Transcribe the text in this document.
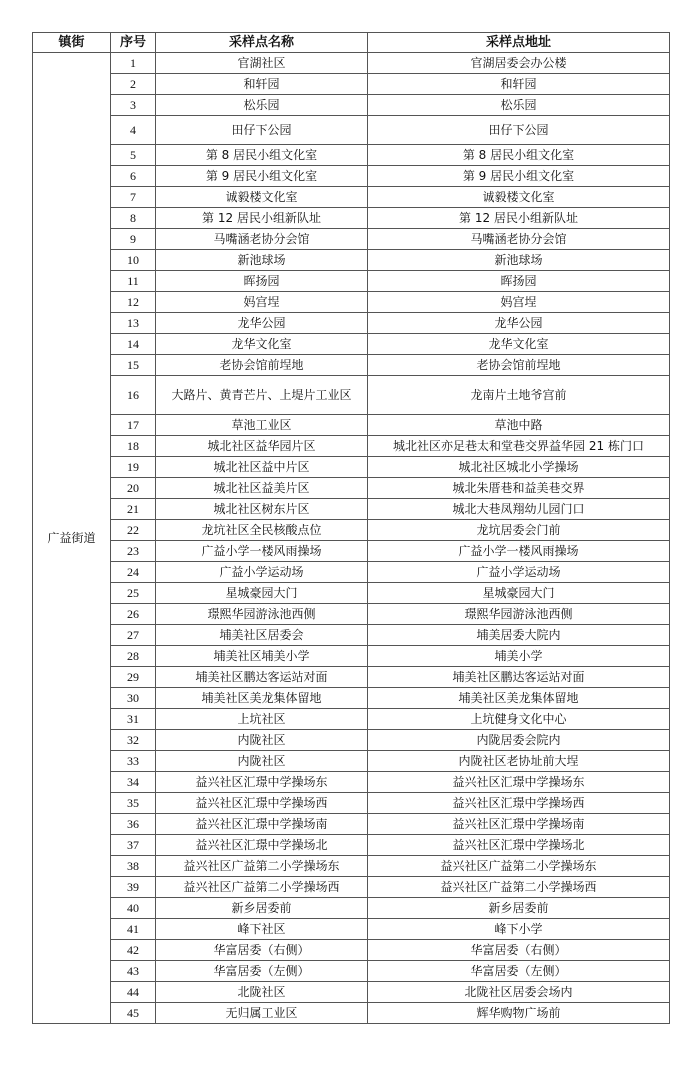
镇街	序号	采样点名称	采样点地址
广益街道	1	官湖社区	官湖居委会办公楼
	2	和轩园	和轩园
	3	松乐园	松乐园
	4	田仔下公园	田仔下公园
	5	第 8 居民小组文化室	第 8 居民小组文化室
	6	第 9 居民小组文化室	第 9 居民小组文化室
	7	诚毅楼文化室	诚毅楼文化室
	8	第 12 居民小组新队址	第 12 居民小组新队址
	9	马嘴涵老协分会馆	马嘴涵老协分会馆
	10	新池球场	新池球场
	11	晖扬园	晖扬园
	12	妈宫埕	妈宫埕
	13	龙华公园	龙华公园
	14	龙华文化室	龙华文化室
	15	老协会馆前埕地	老协会馆前埕地
	16	大路片、黄青芒片、上堤片工业区	龙南片土地爷宫前
	17	草池工业区	草池中路
	18	城北社区益华园片区	城北社区亦足巷太和堂巷交界益华园 21 栋门口
	19	城北社区益中片区	城北社区城北小学操场
	20	城北社区益美片区	城北朱厝巷和益美巷交界
	21	城北社区树东片区	城北大巷凤翔幼儿园门口
	22	龙坑社区全民核酸点位	龙坑居委会门前
	23	广益小学一楼风雨操场	广益小学一楼风雨操场
	24	广益小学运动场	广益小学运动场
	25	星城豪园大门	星城豪园大门
	26	璟熙华园游泳池西侧	璟熙华园游泳池西侧
	27	埔美社区居委会	埔美居委大院内
	28	埔美社区埔美小学	埔美小学
	29	埔美社区鹏达客运站对面	埔美社区鹏达客运站对面
	30	埔美社区美龙集体留地	埔美社区美龙集体留地
	31	上坑社区	上坑健身文化中心
	32	内陇社区	内陇居委会院内
	33	内陇社区	内陇社区老协址前大埕
	34	益兴社区汇璟中学操场东	益兴社区汇璟中学操场东
	35	益兴社区汇璟中学操场西	益兴社区汇璟中学操场西
	36	益兴社区汇璟中学操场南	益兴社区汇璟中学操场南
	37	益兴社区汇璟中学操场北	益兴社区汇璟中学操场北
	38	益兴社区广益第二小学操场东	益兴社区广益第二小学操场东
	39	益兴社区广益第二小学操场西	益兴社区广益第二小学操场西
	40	新乡居委前	新乡居委前
	41	峰下社区	峰下小学
	42	华富居委（右侧）	华富居委（右侧）
	43	华富居委（左侧）	华富居委（左侧）
	44	北陇社区	北陇社区居委会场内
	45	无归属工业区	辉华购物广场前
